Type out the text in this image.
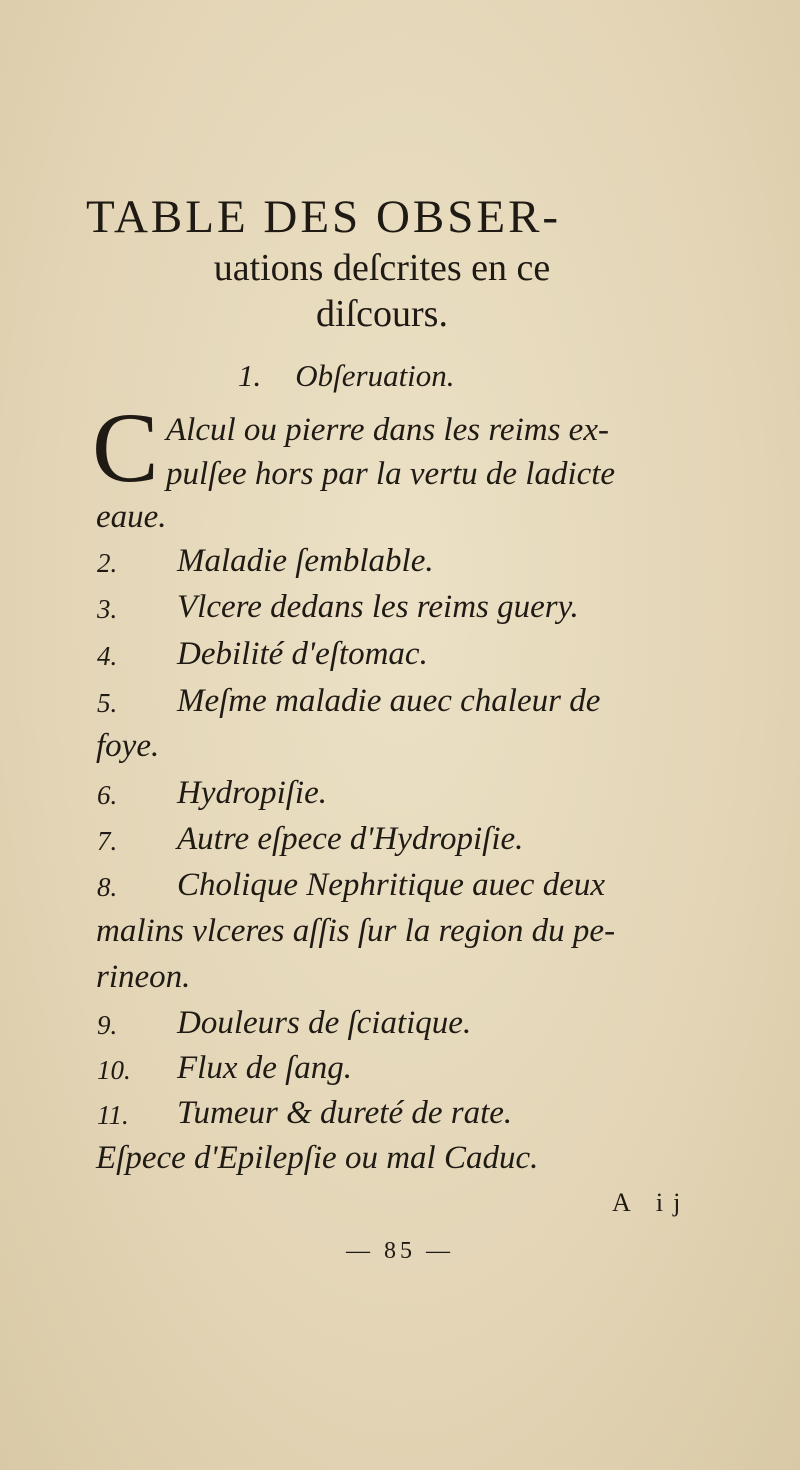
TABLE DES OBSER-
uations deſcrites en ce
diſcours.
1. Obſeruation.
C Alcul ou pierre dans les reims ex-
pulſee hors par la vertu de ladicte
eaue.
2. Maladie ſemblable.
3. Vlcere dedans les reims guery.
4. Debilité d'eſtomac.
5. Meſme maladie auec chaleur de
foye.
6. Hydropiſie.
7. Autre eſpece d'Hydropiſie.
8. Cholique Nephritique auec deux
malins vlceres aſſis ſur la region du pe-
rineon.
9. Douleurs de ſciatique.
10. Flux de ſang.
11. Tumeur & dureté de rate.
Eſpece d'Epilepſie ou mal Caduc.
A ij
— 85 —
